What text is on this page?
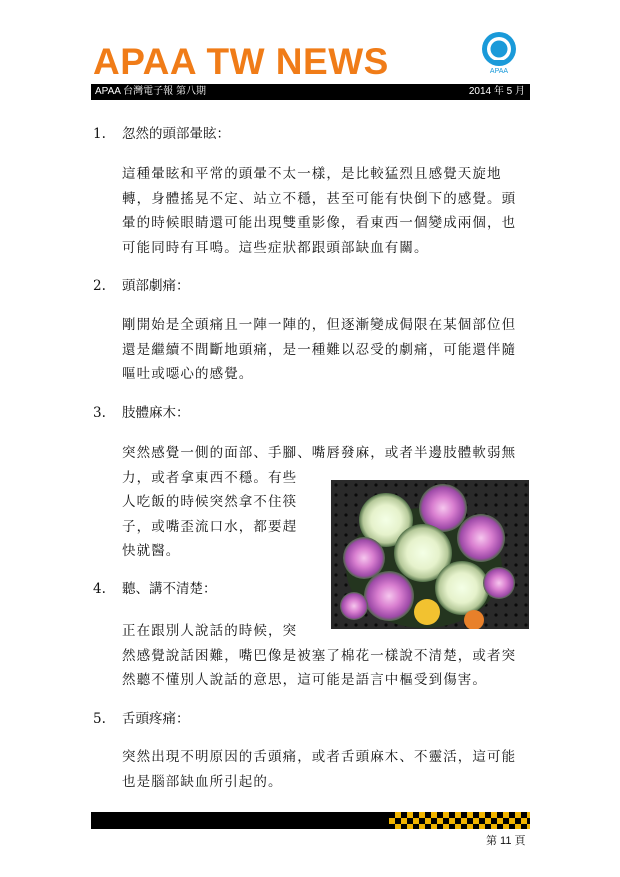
APAA TW NEWS	APAA
APAA 台灣電子報 第八期	2014 年 5 月
1. 忽然的頭部暈眩：
這種暈眩和平常的頭暈不太一樣，是比較猛烈且感覺天旋地
轉，身體搖晃不定、站立不穩，甚至可能有快倒下的感覺。頭
暈的時候眼睛還可能出現雙重影像，看東西一個變成兩個，也
可能同時有耳鳴。這些症狀都跟頭部缺血有關。
2. 頭部劇痛：
剛開始是全頭痛且一陣一陣的，但逐漸變成侷限在某個部位但
還是繼續不間斷地頭痛，是一種難以忍受的劇痛，可能還伴隨
嘔吐或噁心的感覺。
3. 肢體麻木：
突然感覺一側的面部、手腳、嘴唇發麻，或者半邊肢體軟弱無
力，或者拿東西不穩。有些
人吃飯的時候突然拿不住筷
子，或嘴歪流口水，都要趕
快就醫。
4. 聽、講不清楚：
正在跟別人說話的時候，突
然感覺說話困難，嘴巴像是被塞了棉花一樣說不清楚，或者突
然聽不懂別人說話的意思，這可能是語言中樞受到傷害。
5. 舌頭疼痛：
突然出現不明原因的舌頭痛，或者舌頭麻木、不靈活，這可能
也是腦部缺血所引起的。
第 11 頁
